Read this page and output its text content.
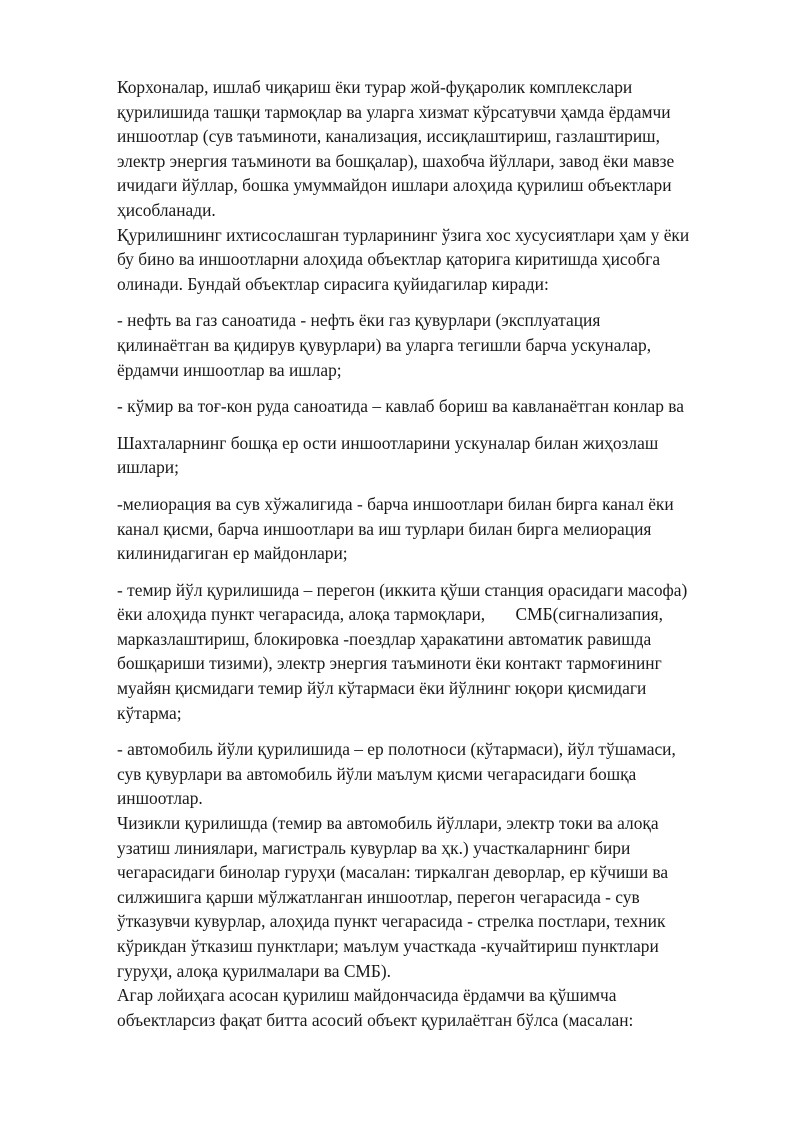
Корхоналар, ишлаб чиқариш ёки турар жой-фуқаролик комплекслари
қурилишида ташқи тармоқлар ва уларга хизмат кўрсатувчи ҳамда ёрдамчи
иншоотлар (сув таъминоти, канализация, иссиқлаштириш, газлаштириш,
электр энергия таъминоти ва бошқалар), шахобча йўллари, завод ёки мавзе
ичидаги йўллар, бошка умуммайдон ишлари алоҳида қурилиш объектлари
ҳисобланади.

Қурилишнинг ихтисослашган турларининг ўзига хос хусусиятлари ҳам у ёки
бу бино ва иншоотларни алоҳида объектлар қаторига киритишда ҳисобга
олинади. Бундай объектлар сирасига қуйидагилар киради:

- нефть ва газ саноатида - нефть ёки газ қувурлари (эксплуатация
қилинаётган ва қидирув қувурлари) ва уларга тегишли барча ускуналар,
ёрдамчи иншоотлар ва ишлар;

- кўмир ва тоғ-кон руда саноатида – кавлаб бориш ва кавланаётган конлар ва

Шахталарнинг бошқа ер ости иншоотларини ускуналар билан жиҳозлаш
ишлари;

-мелиорация ва сув хўжалигида - барча иншоотлари билан бирга канал ёки
канал қисми, барча иншоотлари ва иш турлари билан бирга мелиорация
килинидагиган ер майдонлари;

- темир йўл қурилишида – перегон (иккита қўши станция орасидаги масофа)
ёки алоҳида пункт чегарасида, алоқа тармоқлари,       СМБ(сигнализапия,
марказлаштириш, блокировка -поездлар ҳаракатини автоматик равишда
бошқариши тизими), электр энергия таъминоти ёки контакт тармоғининг
муайян қисмидаги темир йўл кўтармаси ёки йўлнинг юқори қисмидаги
кўтарма;

- автомобиль йўли қурилишида – ер полотноси (кўтармаси), йўл тўшамаси,
сув қувурлари ва автомобиль йўли маълум қисми чегарасидаги бошқа
иншоотлар.

Чизикли қурилишда (темир ва автомобиль йўллари, электр токи ва алоқа
узатиш линиялари, магистраль кувурлар ва ҳк.) участкаларнинг бири
чегарасидаги бинолар гуруҳи (масалан: тиркалган деворлар, ер кўчиши ва
силжишига қарши мўлжатланган иншоотлар, перегон чегарасида - сув
ўтказувчи кувурлар, алоҳида пункт чегарасида - стрелка постлари, техник
кўрикдан ўтказиш пунктлари; маълум участкада -кучайтириш пунктлари
гуруҳи, алоқа қурилмалари ва СМБ).

Агар лойиҳага асосан қурилиш майдончасида ёрдамчи ва қўшимча
объектларсиз фақат битта асосий объект қурилаётган бўлса (масалан:
